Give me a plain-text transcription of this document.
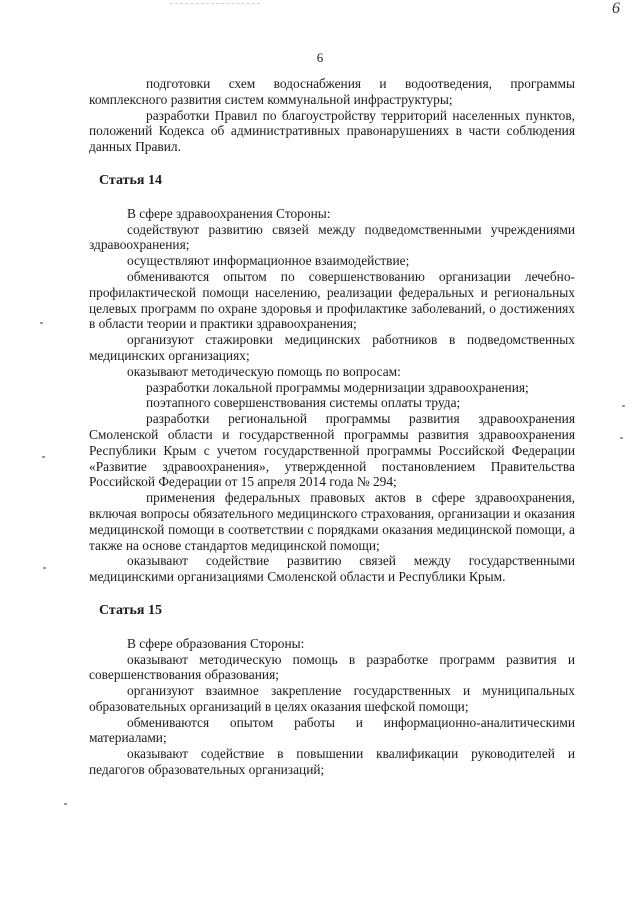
6
6

подготовки схем водоснабжения и водоотведения, программы комплексного развития систем коммунальной инфраструктуры;

разработки Правил по благоустройству территорий населенных пунктов, положений Кодекса об административных правонарушениях в части соблюдения данных Правил.

Статья 14

В сфере здравоохранения Стороны:

содействуют развитию связей между подведомственными учреждениями здравоохранения;

осуществляют информационное взаимодействие;

обмениваются опытом по совершенствованию организации лечебно-профилактической помощи населению, реализации федеральных и региональных целевых программ по охране здоровья и профилактике заболеваний, о достижениях в области теории и практики здравоохранения;

организуют стажировки медицинских работников в подведомственных медицинских организациях;

оказывают методическую помощь по вопросам:

разработки локальной программы модернизации здравоохранения;

поэтапного совершенствования системы оплаты труда;

разработки региональной программы развития здравоохранения Смоленской области и государственной программы развития здравоохранения Республики Крым с учетом государственной программы Российской Федерации «Развитие здравоохранения», утвержденной постановлением Правительства Российской Федерации от 15 апреля 2014 года № 294;

применения федеральных правовых актов в сфере здравоохранения, включая вопросы обязательного медицинского страхования, организации и оказания медицинской помощи в соответствии с порядками оказания медицинской помощи, а также на основе стандартов медицинской помощи;

оказывают содействие развитию связей между государственными медицинскими организациями Смоленской области и Республики Крым.

Статья 15

В сфере образования Стороны:

оказывают методическую помощь в разработке программ развития и совершенствования образования;

организуют взаимное закрепление государственных и муниципальных образовательных организаций в целях оказания шефской помощи;

обмениваются опытом работы и информационно-аналитическими материалами;

оказывают содействие в повышении квалификации руководителей и педагогов образовательных организаций;
